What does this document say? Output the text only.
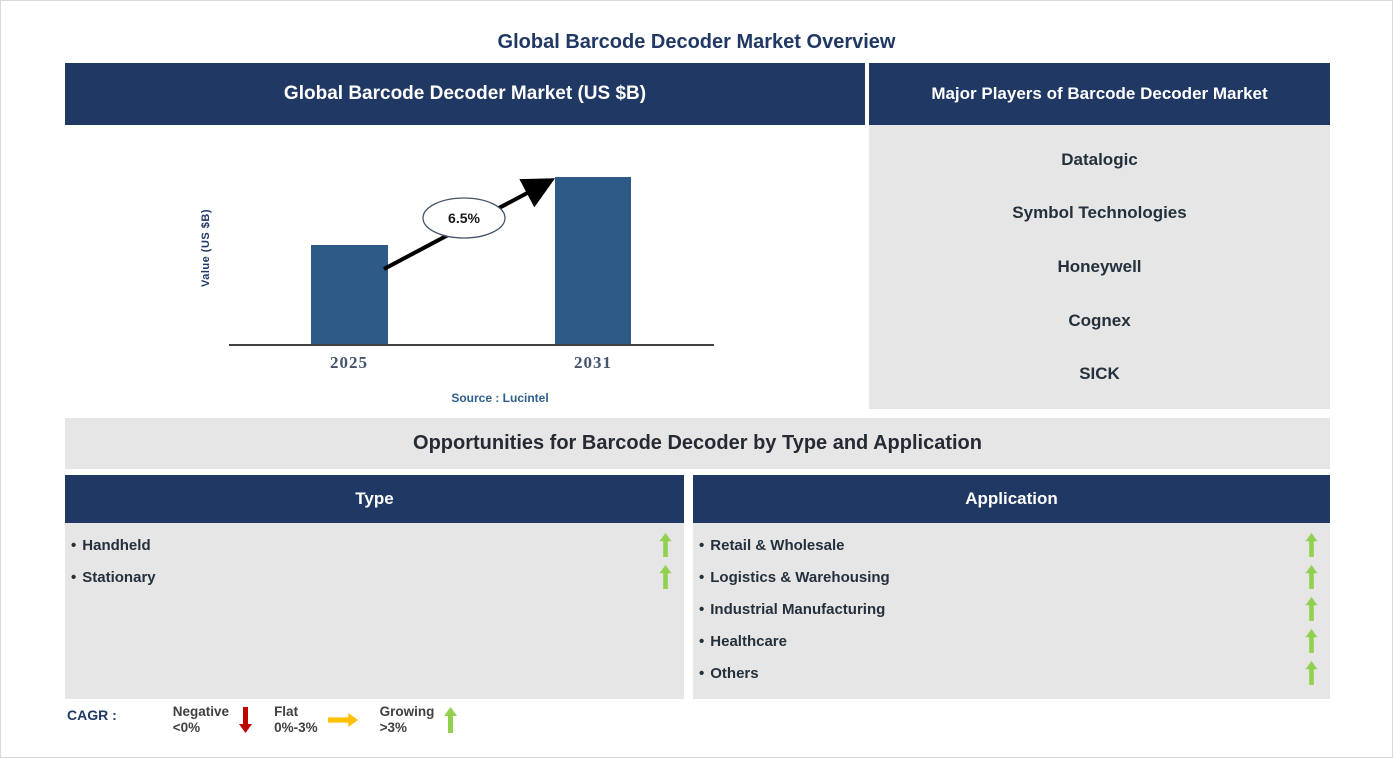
Global Barcode Decoder Market Overview
Global Barcode Decoder Market (US $B)	Major Players of Barcode Decoder Market
Value (US $B)
2025	2031
Source : Lucintel
6.5%
Datalogic
Symbol Technologies
Honeywell
Cognex
SICK
Opportunities for Barcode Decoder by Type and Application
Type	Application
• Handheld
• Stationary
• Retail & Wholesale
• Logistics & Warehousing
• Industrial Manufacturing
• Healthcare
• Others
CAGR :	Negative
<0%
Flat
0%-3%
Growing
>3%
